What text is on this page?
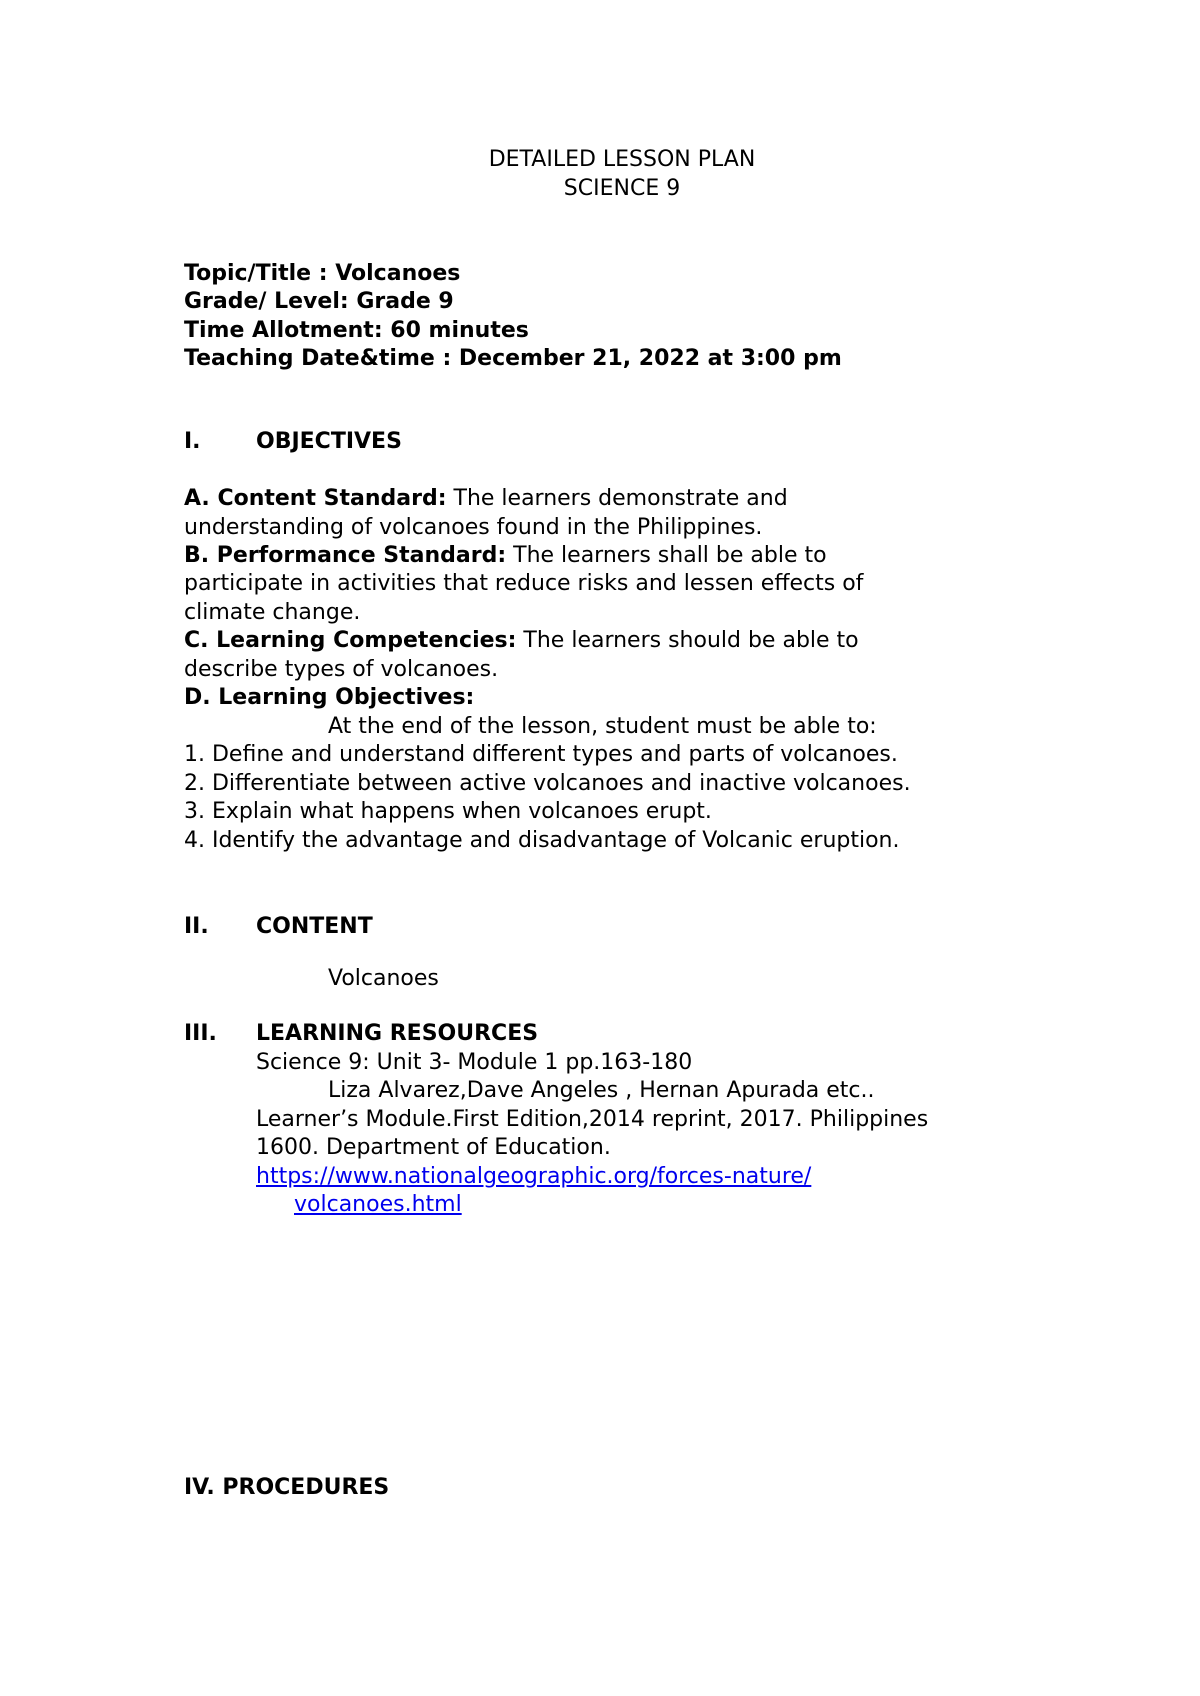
DETAILED LESSON PLAN
SCIENCE 9
Topic/Title : Volcanoes
Grade/ Level: Grade 9
Time Allotment: 60 minutes
Teaching Date&time : December 21, 2022 at 3:00 pm
I.	OBJECTIVES
A. Content Standard: The learners demonstrate and
understanding of volcanoes found in the Philippines.
B. Performance Standard: The learners shall be able to
participate in activities that reduce risks and lessen effects of
climate change.
C. Learning Competencies: The learners should be able to
describe types of volcanoes.
D. Learning Objectives:
At the end of the lesson, student must be able to:
1. Define and understand different types and parts of volcanoes.
2. Differentiate between active volcanoes and inactive volcanoes.
3. Explain what happens when volcanoes erupt.
4. Identify the advantage and disadvantage of Volcanic eruption.
II. CONTENT
Volcanoes
III. LEARNING RESOURCES
Science 9: Unit 3- Module 1 pp.163-180
Liza Alvarez,Dave Angeles , Hernan Apurada etc..
Learner’s Module.First Edition,2014 reprint, 2017. Philippines
1600. Department of Education.
https://www.nationalgeographic.org/forces-nature/
volcanoes.html
IV. PROCEDURES
